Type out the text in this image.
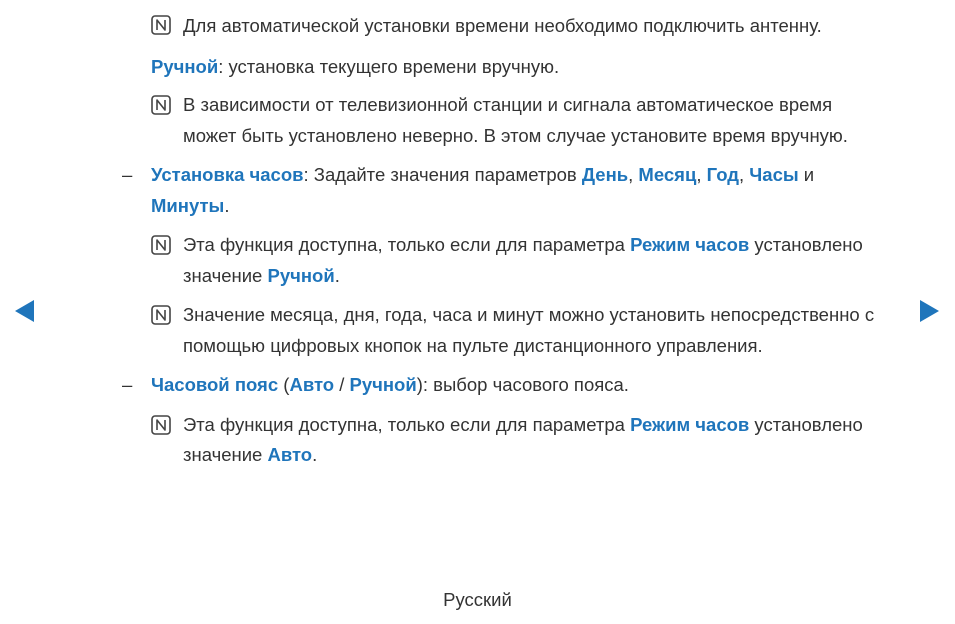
Для автоматической установки времени необходимо подключить антенну.
Ручной: установка текущего времени вручную.
В зависимости от телевизионной станции и сигнала автоматическое время
может быть установлено неверно. В этом случае установите время вручную.
– Установка часов: Задайте значения параметров День, Месяц, Год, Часы и
Минуты.
Эта функция доступна, только если для параметра Режим часов установлено
значение Ручной.
Значение месяца, дня, года, часа и минут можно установить непосредственно с
помощью цифровых кнопок на пульте дистанционного управления.
– Часовой пояс (Авто / Ручной): выбор часового пояса.
Эта функция доступна, только если для параметра Режим часов установлено
значение Авто.
Русский
